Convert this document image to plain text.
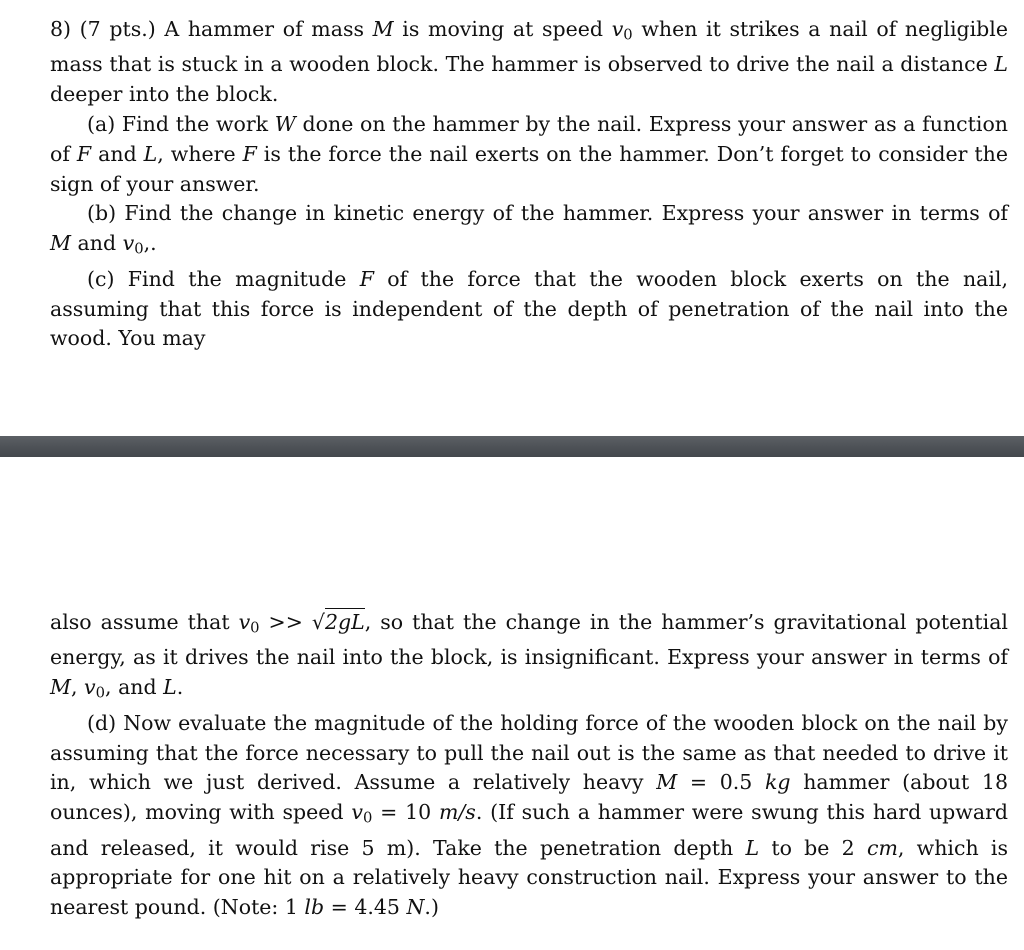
8) (7 pts.) A hammer of mass M is moving at speed $v_0$ when it strikes a nail of negligible mass that is stuck in a wooden block. The hammer is observed to drive the nail a distance L deeper into the block.

(a) Find the work W done on the hammer by the nail. Express your answer as a function of F and L, where F is the force the nail exerts on the hammer. Don’t forget to consider the sign of your answer.

(b) Find the change in kinetic energy of the hammer. Express your answer in terms of M and $v_0$,.

(c) Find the magnitude F of the force that the wooden block exerts on the nail, assuming that this force is independent of the depth of penetration of the nail into the wood. You may

also assume that $v_0 >> √2gL$, so that the change in the hammer’s gravitational potential energy, as it drives the nail into the block, is insignificant. Express your answer in terms of M, $v_0$, and L.

(d) Now evaluate the magnitude of the holding force of the wooden block on the nail by assuming that the force necessary to pull the nail out is the same as that needed to drive it in, which we just derived. Assume a relatively heavy M = 0.5 kg hammer (about 18 ounces), moving with speed $v_0 = 10$ m/s. (If such a hammer were swung this hard upward and released, it would rise 5 m). Take the penetration depth L to be 2 cm, which is appropriate for one hit on a relatively heavy construction nail. Express your answer to the nearest pound. (Note: 1 lb = 4.45 N.)
